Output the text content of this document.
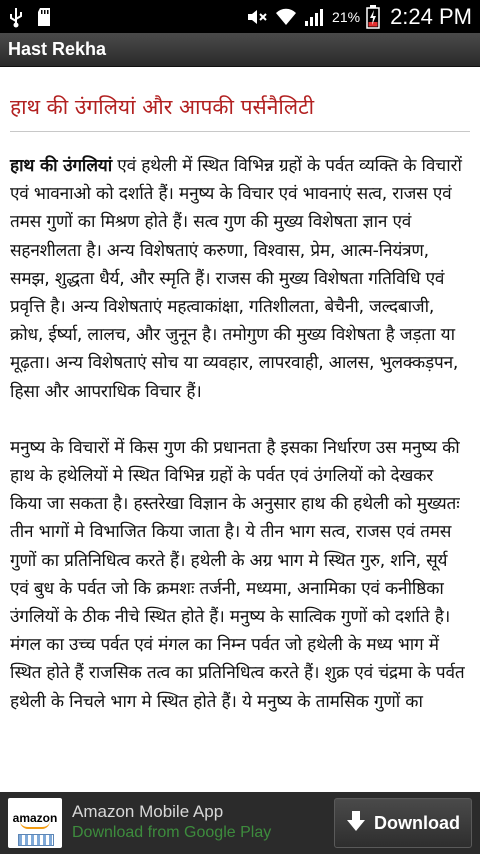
21% 2:24 PM
Hast Rekha
हाथ की उंगलियां और आपकी पर्सनैलिटी

हाथ की उंगलियां एवं हथेली में स्थित विभिन्न ग्रहों के पर्वत व्यक्ति के विचारों एवं भावनाओ को दर्शाते हैं। मनुष्य के विचार एवं भावनाएं सत्व, राजस एवं तमस गुणों का मिश्रण होते हैं। सत्व गुण की मुख्य विशेषता ज्ञान एवं सहनशीलता है। अन्य विशेषताएं करुणा, विश्वास, प्रेम, आत्म-नियंत्रण, समझ, शुद्धता धैर्य, और स्मृति हैं। राजस की मुख्य विशेषता गतिविधि एवं प्रवृत्ति है। अन्य विशेषताएं महत्वाकांक्षा, गतिशीलता, बेचैनी, जल्दबाजी, क्रोध, ईर्ष्या, लालच, और जुनून है। तमोगुण की मुख्य विशेषता है जड़ता या मूढ़ता। अन्य विशेषताएं सोच या व्यवहार, लापरवाही, आलस, भुलक्कड़पन, हिसा और आपराधिक विचार हैं।

मनुष्य के विचारों में किस गुण की प्रधानता है इसका निर्धारण उस मनुष्य की हाथ के हथेलियों मे स्थित विभिन्न ग्रहों के पर्वत एवं उंगलियों को देखकर किया जा सकता है। हस्तरेखा विज्ञान के अनुसार हाथ की हथेली को मुख्यतः तीन भागों मे विभाजित किया जाता है। ये तीन भाग सत्व, राजस एवं तमस गुणों का प्रतिनिधित्व करते हैं। हथेली के अग्र भाग मे स्थित गुरु, शनि, सूर्य एवं बुध के पर्वत जो कि क्रमशः तर्जनी, मध्यमा, अनामिका एवं कनीष्ठिका उंगलियों के ठीक नीचे स्थित होते हैं। मनुष्य के सात्विक गुणों को दर्शाते है। मंगल का उच्च पर्वत एवं मंगल का निम्न पर्वत जो हथेली के मध्य भाग में स्थित होते हैं राजसिक तत्व का प्रतिनिधित्व करते हैं। शुक्र एवं चंद्रमा के पर्वत हथेली के निचले भाग मे स्थित होते हैं। ये मनुष्य के तामसिक गुणों का

amazon Amazon Mobile App
Download from Google Play	Download
